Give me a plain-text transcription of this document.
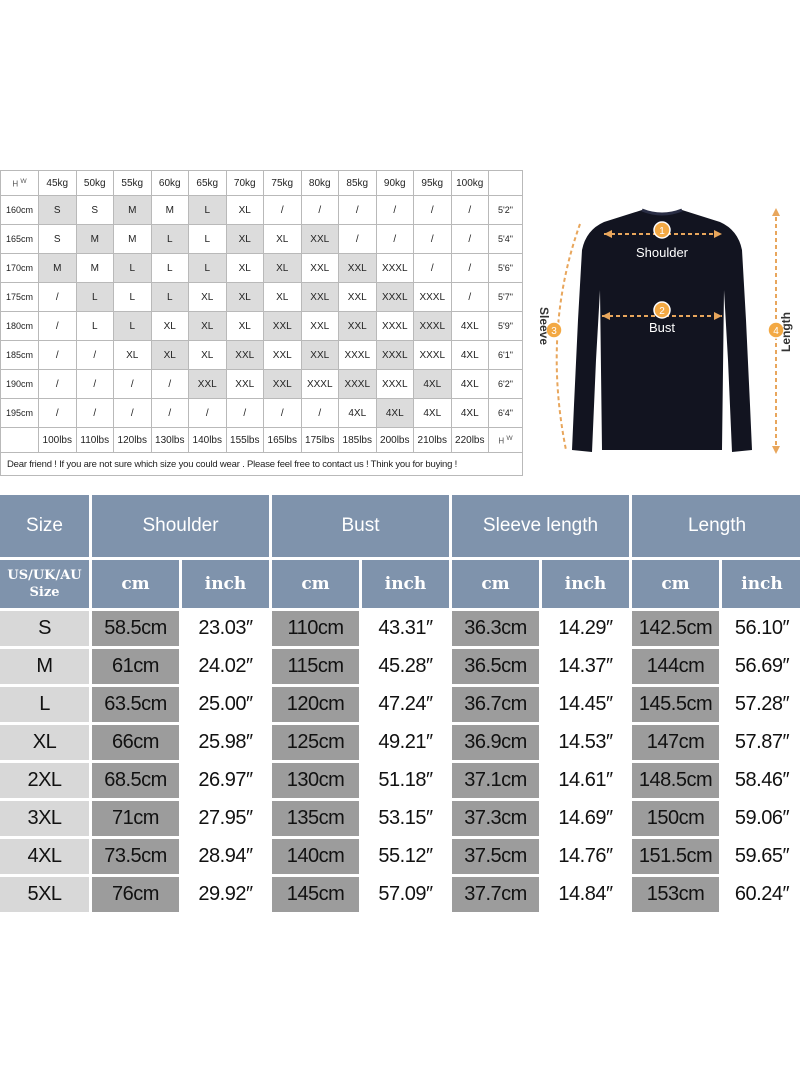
H $^W$	45kg	50kg	55kg	60kg	65kg	70kg	75kg	80kg	85kg	90kg	95kg	100kg	
160cm	S	S	M	M	L	XL	/	/	/	/	/	/	5'2"
165cm	S	M	M	L	L	XL	XL	XXL	/	/	/	/	5'4"
170cm	M	M	L	L	L	XL	XL	XXL	XXL	XXXL	/	/	5'6"
175cm	/	L	L	L	XL	XL	XL	XXL	XXL	XXXL	XXXL	/	5'7"
180cm	/	L	L	XL	XL	XL	XXL	XXL	XXL	XXXL	XXXL	4XL	5'9"
185cm	/	/	XL	XL	XL	XXL	XXL	XXL	XXXL	XXXL	XXXL	4XL	6'1"
190cm	/	/	/	/	XXL	XXL	XXL	XXXL	XXXL	XXXL	4XL	4XL	6'2"
195cm	/	/	/	/	/	/	/	/	4XL	4XL	4XL	4XL	6'4"
	100lbs	110lbs	120lbs	130lbs	140lbs	155lbs	165lbs	175lbs	185lbs	200lbs	210lbs	220lbs	H $^W$
Dear friend ! If you are not sure which size you could wear . Please feel free to contact us ! Think you for buying !													
1
Shoulder
2
Bust
3
Sleeve	4 Length
Size	Shoulder		Bust		Sleeve length		Length	
US/UK/AU Size	cm	inch	cm	inch	cm	inch	cm	inch
S	58.5cm	23.03″	110cm	43.31″	36.3cm	14.29″	142.5cm	56.10″
M	61cm	24.02″	115cm	45.28″	36.5cm	14.37″	144cm	56.69″
L	63.5cm	25.00″	120cm	47.24″	36.7cm	14.45″	145.5cm	57.28″
XL	66cm	25.98″	125cm	49.21″	36.9cm	14.53″	147cm	57.87″
2XL	68.5cm	26.97″	130cm	51.18″	37.1cm	14.61″	148.5cm	58.46″
3XL	71cm	27.95″	135cm	53.15″	37.3cm	14.69″	150cm	59.06″
4XL	73.5cm	28.94″	140cm	55.12″	37.5cm	14.76″	151.5cm	59.65″
5XL	76cm	29.92″	145cm	57.09″	37.7cm	14.84″	153cm	60.24″
